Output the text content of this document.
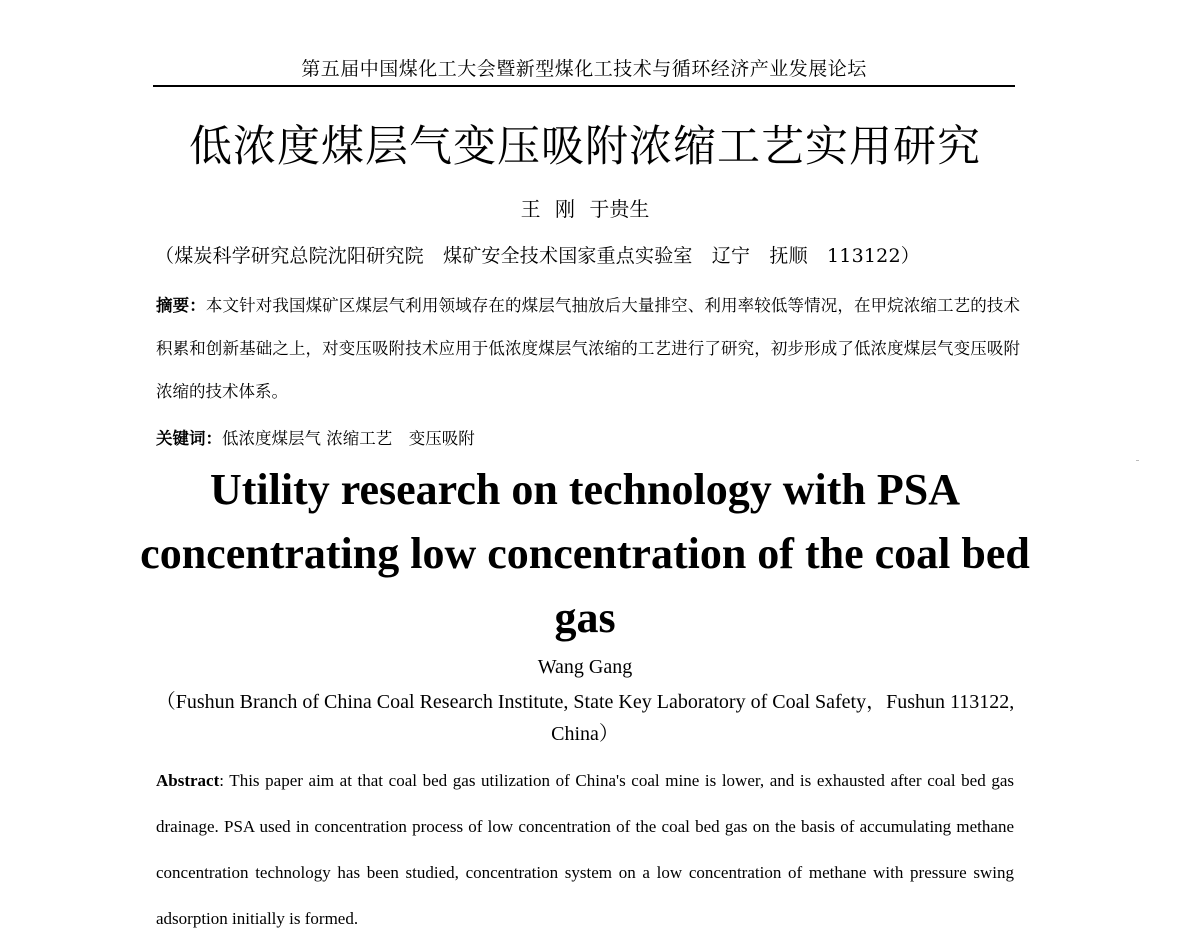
第五届中国煤化工大会暨新型煤化工技术与循环经济产业发展论坛
低浓度煤层气变压吸附浓缩工艺实用研究
王 刚 于贵生
（煤炭科学研究总院沈阳研究院　煤矿安全技术国家重点实验室　辽宁　抚顺　113122）
摘要：本文针对我国煤矿区煤层气利用领域存在的煤层气抽放后大量排空、利用率较低等情况，在甲烷浓缩工艺的技术积累和创新基础之上，对变压吸附技术应用于低浓度煤层气浓缩的工艺进行了研究，初步形成了低浓度煤层气变压吸附浓缩的技术体系。
关键词：低浓度煤层气 浓缩工艺　变压吸附
Utility research on technology with PSA concentrating low concentration of the coal bed gas
Wang Gang
（Fushun Branch of China Coal Research Institute, State Key Laboratory of Coal Safety，Fushun 113122, China）
Abstract: This paper aim at that coal bed gas utilization of China's coal mine is lower, and is exhausted after coal bed gas drainage. PSA used in concentration process of low concentration of the coal bed gas on the basis of accumulating methane concentration technology has been studied, concentration system on a low concentration of methane with pressure swing adsorption initially is formed.
